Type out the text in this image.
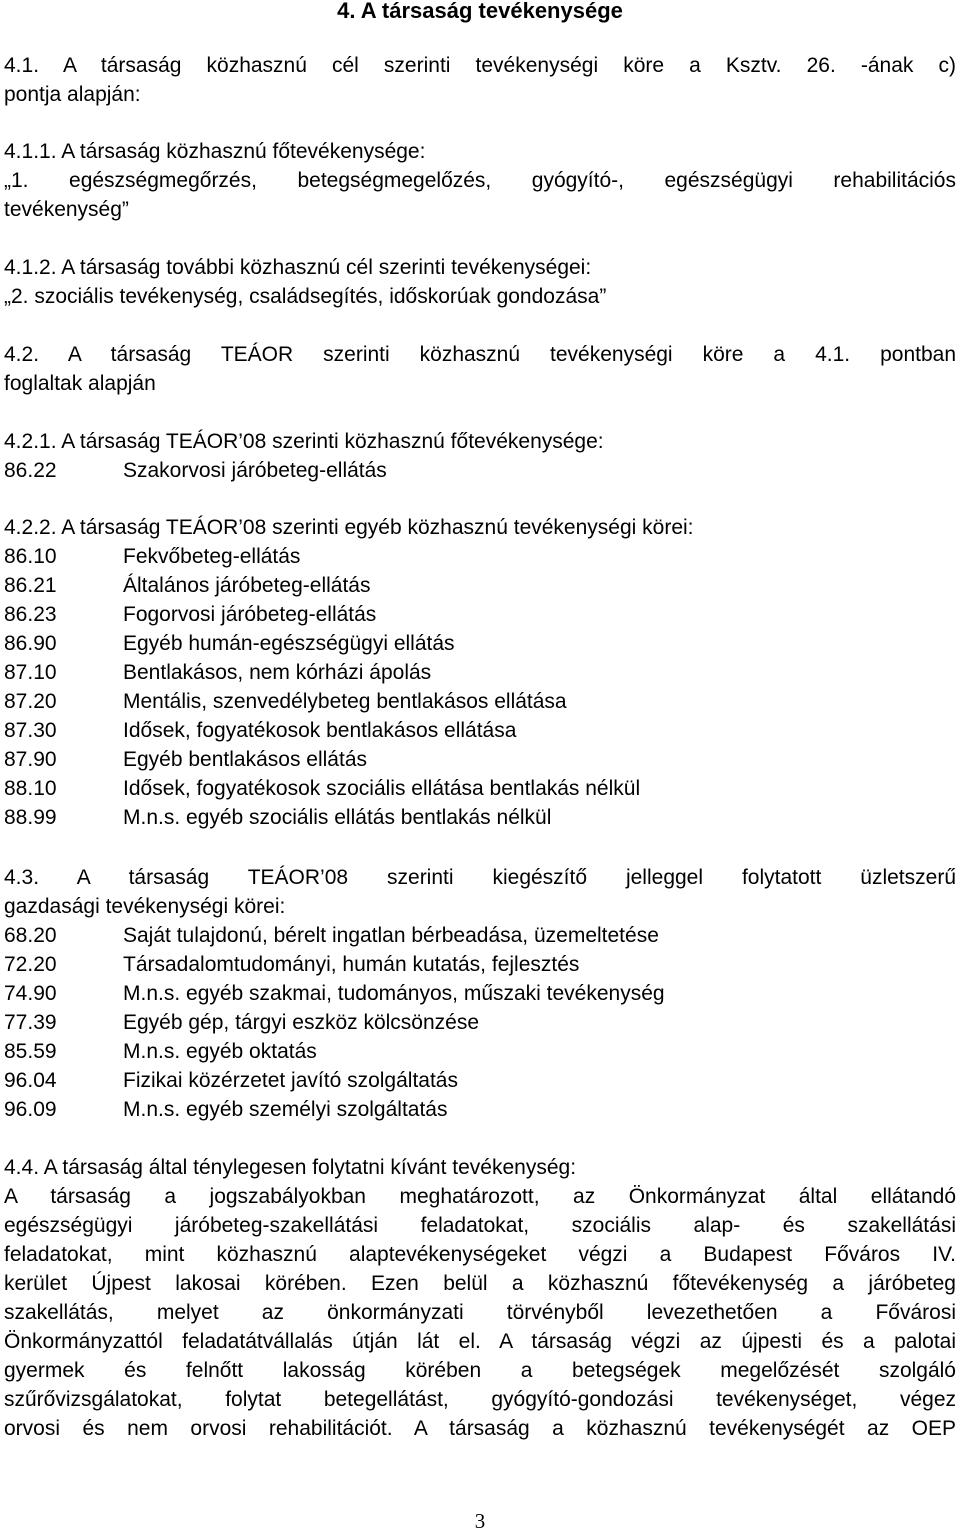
4. A társaság tevékenysége
4.1. A társaság közhasznú cél szerinti tevékenységi köre a Ksztv. 26. -ának c)
pontja alapján:
4.1.1. A társaság közhasznú főtevékenysége:
„1. egészségmegőrzés, betegségmegelőzés, gyógyító-, egészségügyi rehabilitációs
tevékenység”
4.1.2. A társaság további közhasznú cél szerinti tevékenységei:
„2. szociális tevékenység, családsegítés, időskorúak gondozása”
4.2. A társaság TEÁOR szerinti közhasznú tevékenységi köre a 4.1. pontban
foglaltak alapján
4.2.1. A társaság TEÁOR’08 szerinti közhasznú főtevékenysége:
86.22	Szakorvosi járóbeteg-ellátás
4.2.2. A társaság TEÁOR’08 szerinti egyéb közhasznú tevékenységi körei:
86.10	Fekvőbeteg-ellátás
86.21	Általános járóbeteg-ellátás
86.23	Fogorvosi járóbeteg-ellátás
86.90	Egyéb humán-egészségügyi ellátás
87.10	Bentlakásos, nem kórházi ápolás
87.20	Mentális, szenvedélybeteg bentlakásos ellátása
87.30	Idősek, fogyatékosok bentlakásos ellátása
87.90	Egyéb bentlakásos ellátás
88.10	Idősek, fogyatékosok szociális ellátása bentlakás nélkül
88.99	M.n.s. egyéb szociális ellátás bentlakás nélkül
4.3. A társaság TEÁOR’08 szerinti kiegészítő jelleggel folytatott üzletszerű
gazdasági tevékenységi körei:
68.20	Saját tulajdonú, bérelt ingatlan bérbeadása, üzemeltetése
72.20	Társadalomtudományi, humán kutatás, fejlesztés
74.90	M.n.s. egyéb szakmai, tudományos, műszaki tevékenység
77.39	Egyéb gép, tárgyi eszköz kölcsönzése
85.59	M.n.s. egyéb oktatás
96.04	Fizikai közérzetet javító szolgáltatás
96.09	M.n.s. egyéb személyi szolgáltatás
4.4. A társaság által ténylegesen folytatni kívánt tevékenység:
A társaság a jogszabályokban meghatározott, az Önkormányzat által ellátandó
egészségügyi járóbeteg-szakellátási feladatokat, szociális alap- és szakellátási
feladatokat, mint közhasznú alaptevékenységeket végzi a Budapest Főváros IV.
kerület Újpest lakosai körében. Ezen belül a közhasznú főtevékenység a járóbeteg
szakellátás, melyet az önkormányzati törvényből levezethetően a Fővárosi
Önkormányzattól feladatátvállalás útján lát el. A társaság végzi az újpesti és a palotai
gyermek és felnőtt lakosság körében a betegségek megelőzését szolgáló
szűrővizsgálatokat, folytat betegellátást, gyógyító-gondozási tevékenységet, végez
orvosi és nem orvosi rehabilitációt. A társaság a közhasznú tevékenységét az OEP
3
